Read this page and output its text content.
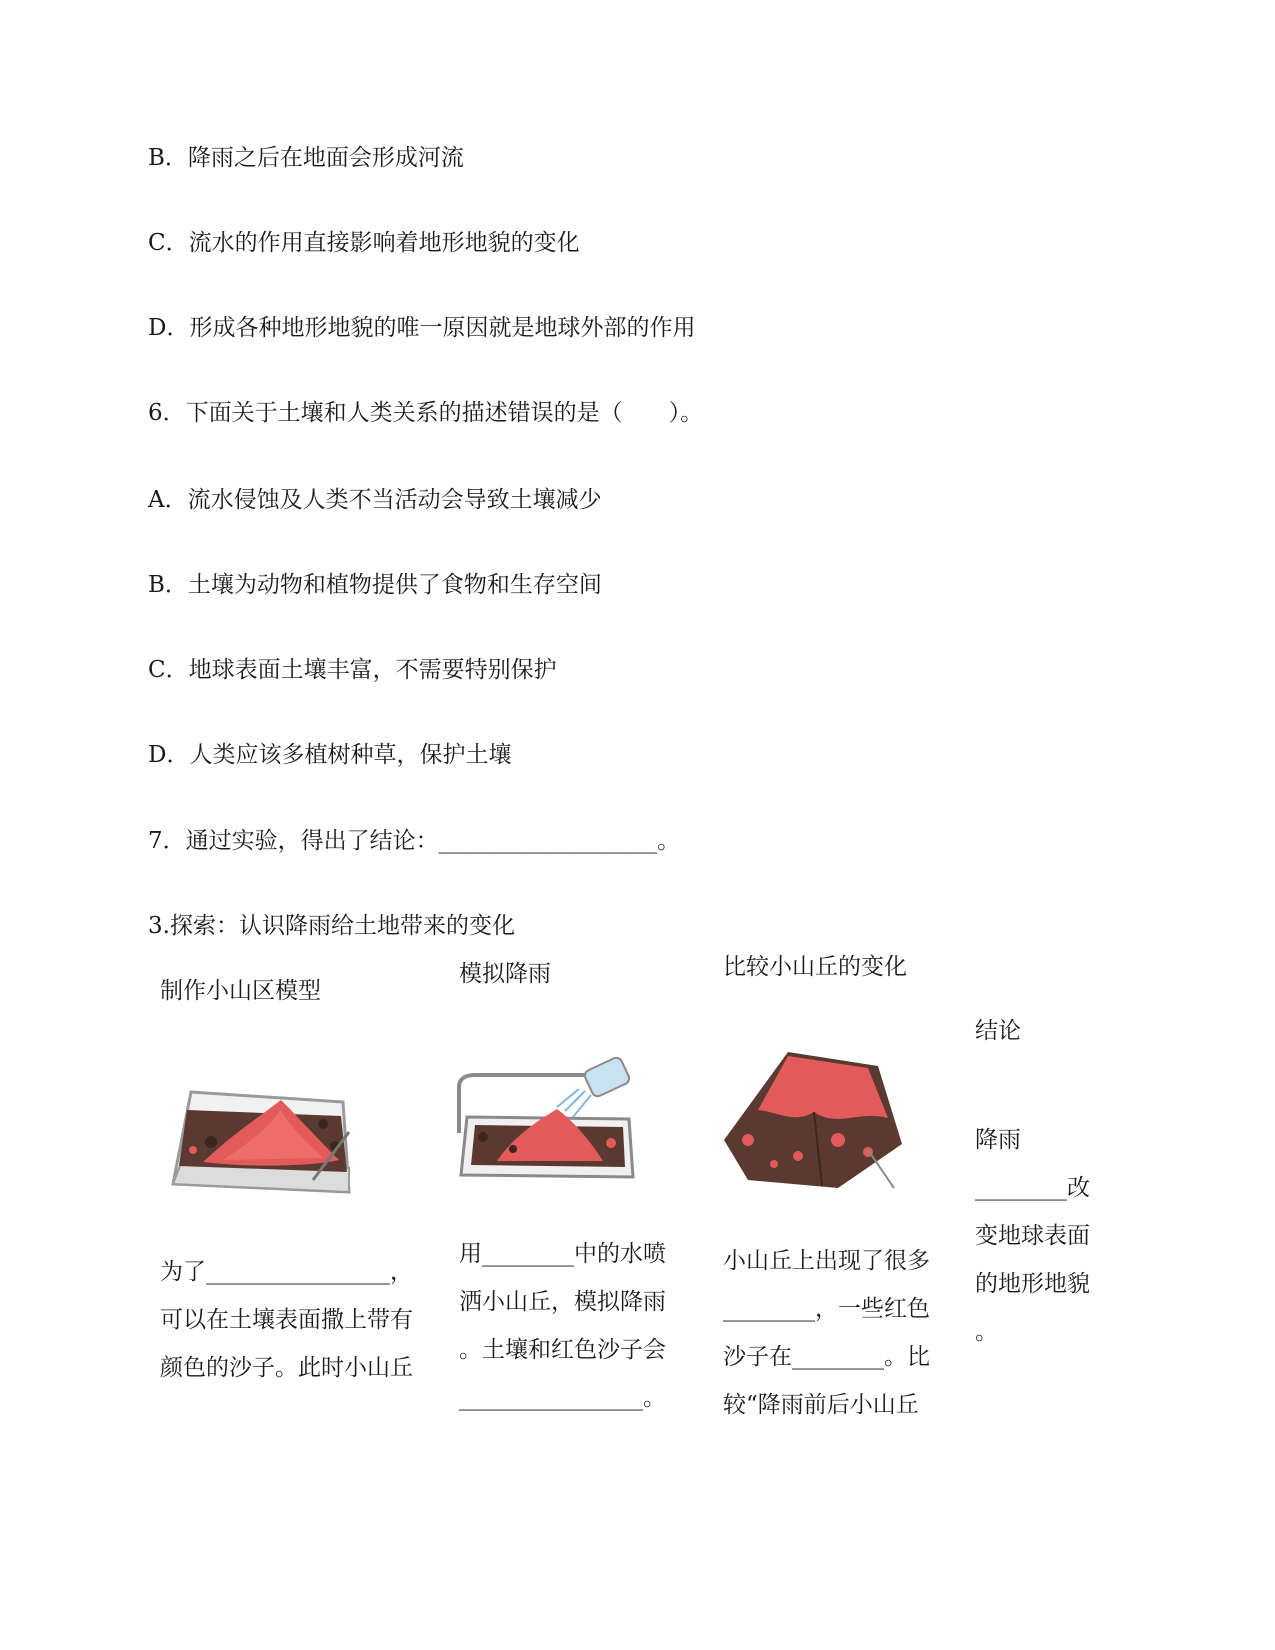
B．降雨之后在地面会形成河流
C．流水的作用直接影响着地形地貌的变化
D．形成各种地形地貌的唯一原因就是地球外部的作用
6．下面关于土壤和人类关系的描述错误的是（　　）。
A．流水侵蚀及人类不当活动会导致土壤减少
B．土壤为动物和植物提供了食物和生存空间
C．地球表面土壤丰富，不需要特别保护
D．人类应该多植树种草，保护土壤
7．通过实验，得出了结论：___________________。
3.探索：认识降雨给土地带来的变化
制作小山区模型
模拟降雨	比较小山丘的变化
结论
为了________________，
可以在土壤表面撒上带有
颜色的沙子。此时小山丘
用________中的水喷
洒小山丘，模拟降雨
。土壤和红色沙子会
________________。
小山丘上出现了很多
________，一些红色
沙子在________。比
较“降雨前后小山丘
降雨
________改
变地球表面
的地形地貌
。
